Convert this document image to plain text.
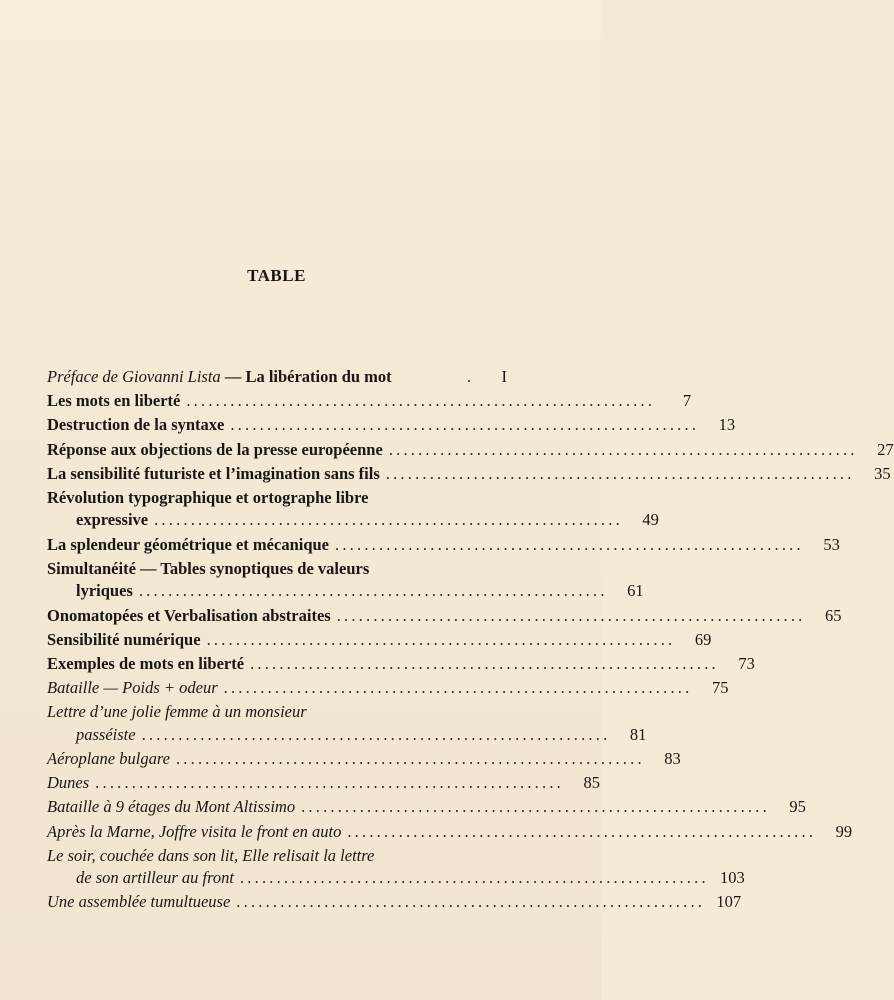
TABLE
Préface de Giovanni Lista — La libération du mot	.	I
Les mots en liberté ................................................................	7
Destruction de la syntaxe ................................................................	13
Réponse aux objections de la presse européenne ................................................................	27
La sensibilité futuriste et l’imagination sans fils ................................................................	35
Révolution typographique et ortographe libre
expressive ................................................................	49
La splendeur géométrique et mécanique ................................................................	53
Simultanéité — Tables synoptiques de valeurs
lyriques ................................................................	61
Onomatopées et Verbalisation abstraites ................................................................	65
Sensibilité numérique ................................................................	69
Exemples de mots en liberté ................................................................	73
Bataille — Poids + odeur ................................................................	75
Lettre d’une jolie femme à un monsieur
passéiste ................................................................	81
Aéroplane bulgare ................................................................	83
Dunes ................................................................	85
Bataille à 9 étages du Mont Altissimo ................................................................	95
Après la Marne, Joffre visita le front en auto ................................................................	99
Le soir, couchée dans son lit, Elle relisait la lettre
de son artilleur au front ................................................................ 103
Une assemblée tumultueuse ................................................................ 107
